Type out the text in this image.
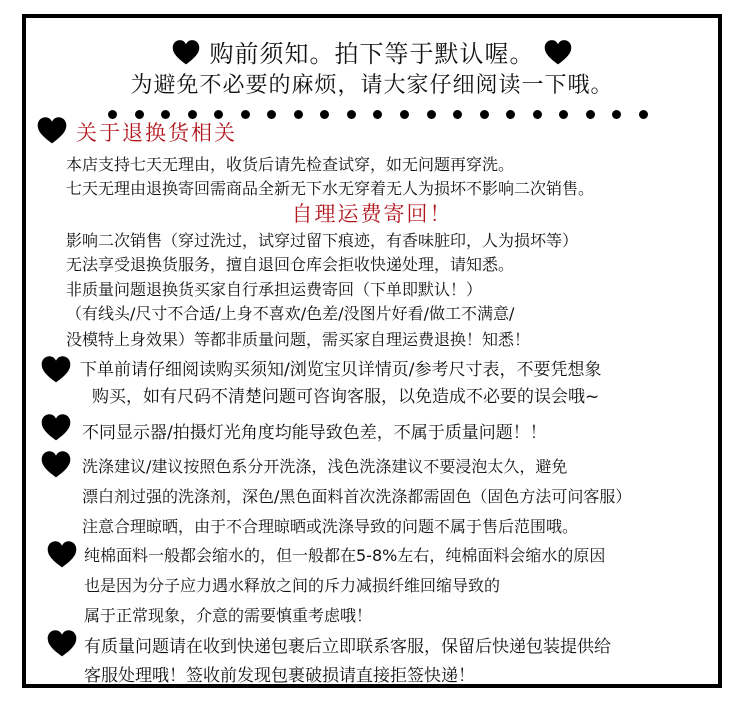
购前须知。拍下等于默认喔。
为避免不必要的麻烦，请大家仔细阅读一下哦。
关于退换货相关
本店支持七天无理由，收货后请先检查试穿，如无问题再穿洗。
七天无理由退换寄回需商品全新无下水无穿着无人为损坏不影响二次销售。
自理运费寄回！
影响二次销售（穿过洗过，试穿过留下痕迹，有香味脏印，人为损坏等）
无法享受退换货服务，擅自退回仓库会拒收快递处理，请知悉。
非质量问题退换货买家自行承担运费寄回（下单即默认！）
（有线头/尺寸不合适/上身不喜欢/色差/没图片好看/做工不满意/
没模特上身效果）等都非质量问题，需买家自理运费退换！知悉！
下单前请仔细阅读购买须知/浏览宝贝详情页/参考尺寸表，不要凭想象
购买，如有尺码不清楚问题可咨询客服，以免造成不必要的误会哦~
不同显示器/拍摄灯光角度均能导致色差，不属于质量问题！！
洗涤建议/建议按照色系分开洗涤，浅色洗涤建议不要浸泡太久，避免
漂白剂过强的洗涤剂，深色/黑色面料首次洗涤都需固色（固色方法可问客服）
注意合理晾晒，由于不合理晾晒或洗涤导致的问题不属于售后范围哦。
纯棉面料一般都会缩水的，但一般都在5-8%左右，纯棉面料会缩水的原因
也是因为分子应力遇水释放之间的斥力减损纤维回缩导致的
属于正常现象，介意的需要慎重考虑哦！
有质量问题请在收到快递包裹后立即联系客服，保留后快递包装提供给
客服处理哦！签收前发现包裹破损请直接拒签快递！
